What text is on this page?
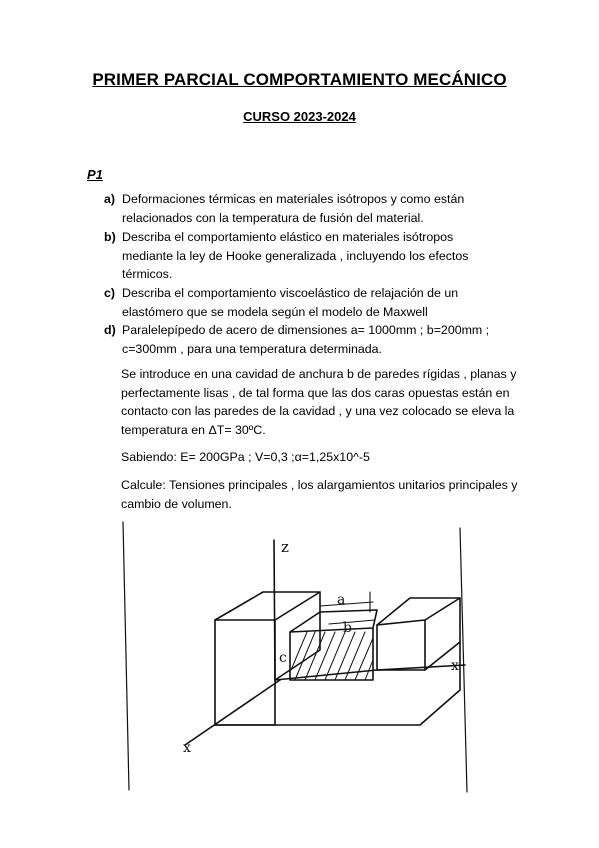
PRIMER PARCIAL COMPORTAMIENTO MECÁNICO
CURSO 2023-2024
P1
a) Deformaciones térmicas en materiales isótropos y como están relacionados con la temperatura de fusión del material.
b) Describa el comportamiento elástico en materiales isótropos mediante la ley de Hooke generalizada , incluyendo los efectos térmicos.
c) Describa el comportamiento viscoelástico de relajación de un elastómero que se modela según el modelo de Maxwell
d) Paralelepípedo de acero de dimensiones a= 1000mm ; b=200mm ; c=300mm , para una temperatura determinada.
Se introduce en una cavidad de anchura b de paredes rígidas , planas y perfectamente lisas , de tal forma que las dos caras opuestas están en contacto con las paredes de la cavidad , y una vez colocado se eleva la temperatura en ΔT= 30ºC.
Sabiendo: E= 200GPa ; V=0,3 ;α=1,25x10^-5
Calcule: Tensiones principales , los alargamientos unitarios principales y cambio de volumen.
z
x
x
a
b
c
